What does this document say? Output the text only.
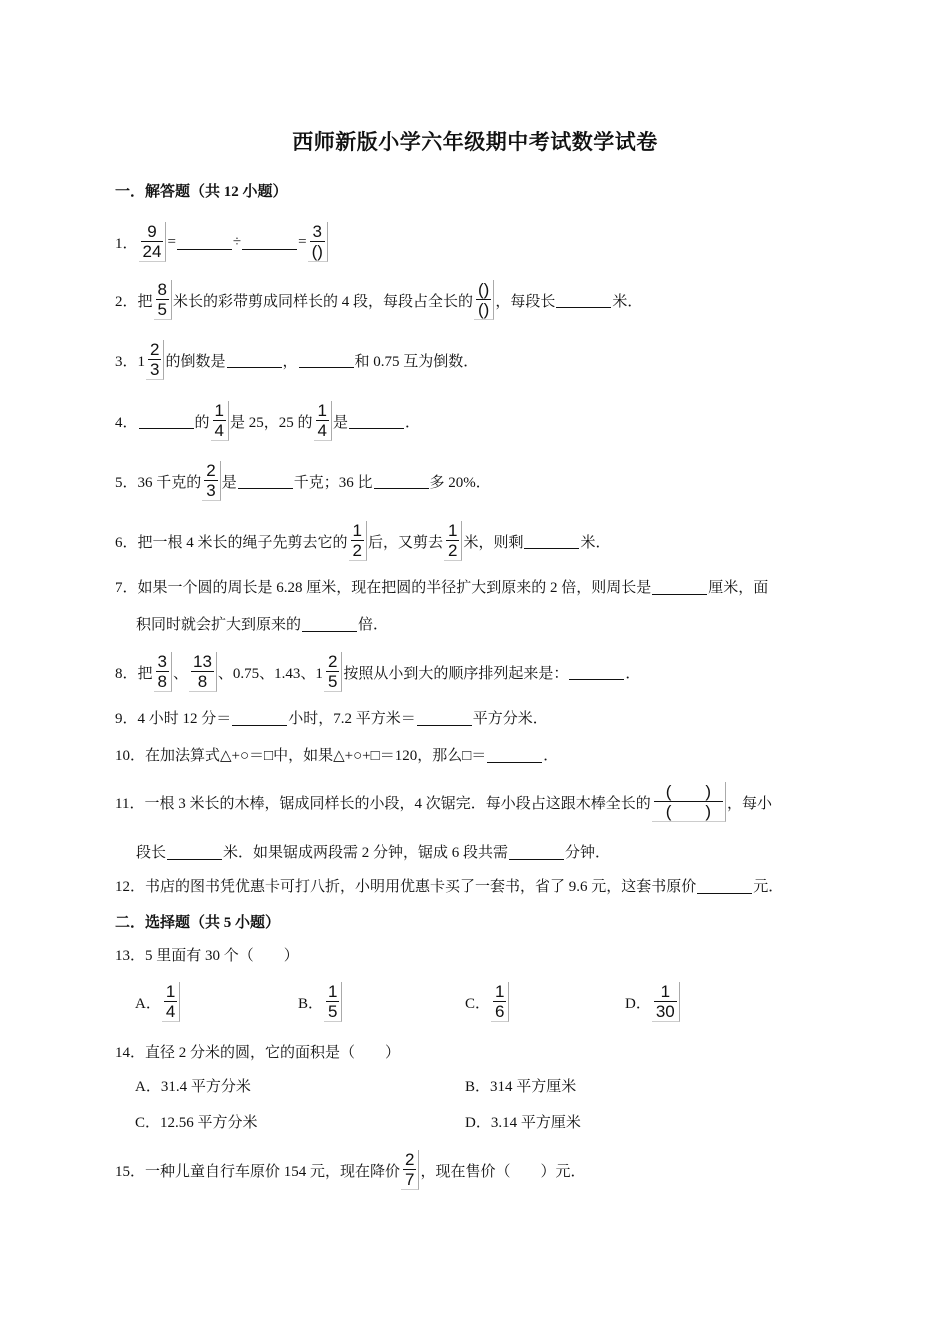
西师新版小学六年级期中考试数学试卷
一．解答题（共 12 小题）
二．选择题（共 5 小题）
1． $\frac{9}{24}$ =	÷	= $\frac{3}{()}$
2．把 $\frac{8}{5}$ 米长的彩带剪成同样长的 4 段，每段占全长的 $\frac{()}{()}$ ，每段长	米．
3．$1 \frac{2}{3}$ 的倒数是	，	和 0.75 互为倒数．
4．	的 $\frac{1}{4}$ 是 25，25 的 $\frac{1}{4}$ 是	．
5．36 千克的 $\frac{2}{3}$ 是	千克；36 比	多 20%．
6．把一根 4 米长的绳子先剪去它的 $\frac{1}{2}$ 后，又剪去 $\frac{1}{2}$ 米，则剩	米．
7．如果一个圆的周长是 6.28 厘米，现在把圆的半径扩大到原来的 2 倍，则周长是	厘米，面
积同时就会扩大到原来的	倍．
8．把 $\frac{3}{8}$ 、 $\frac{13}{8}$ 、0.75、1.43、$1 \frac{2}{5}$ 按照从小到大的顺序排列起来是：	．
9．4 小时 12 分＝	小时，7.2 平方米＝	平方分米．
10．在加法算式△+○＝□中，如果△+○+□＝120，那么□＝	．
11．一根 3 米长的木棒，锯成同样长的小段，4 次锯完．每小段占这跟木棒全长的 $\frac{( )}{( )}$ ，每小
段长	米．如果锯成两段需 2 分钟，锯成 6 段共需	分钟．
12．书店的图书凭优惠卡可打八折，小明用优惠卡买了一套书，省了 9.6 元，这套书原价	元．
13．5 里面有 30 个（　　）
14．直径 2 分米的圆，它的面积是（　　）
15．一种儿童自行车原价 154 元，现在降价 $\frac{2}{7}$ ，现在售价（　　）元．
A． $\frac{1}{4}$	B． $\frac{1}{5}$	C． $\frac{1}{6}$	D． $\frac{1}{30}$
A．31.4 平方分米	B．314 平方厘米
C．12.56 平方分米	D．3.14 平方厘米
